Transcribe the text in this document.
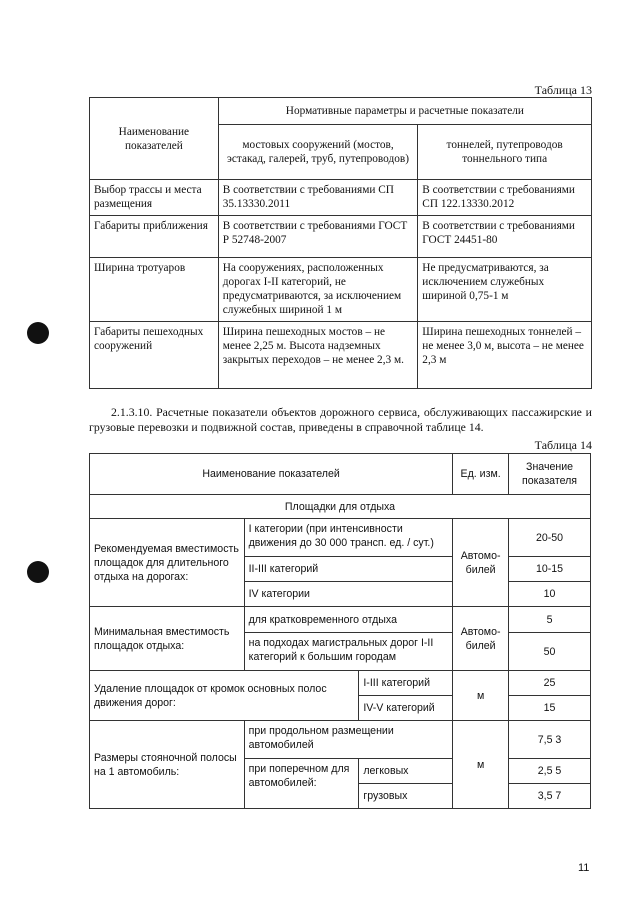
Таблица 13
Наименование показателей	Нормативные параметры и расчетные показатели	
	мостовых сооружений (мостов, эстакад, галерей, труб, путепроводов)	тоннелей, путепроводов тоннельного типа
Выбор трассы и места размещения	В соответствии с требованиями СП 35.13330.2011	В соответствии с требованиями СП 122.13330.2012
Габариты приближения	В соответствии с требованиями ГОСТ Р 52748-2007	В соответствии с требованиями ГОСТ 24451-80
Ширина тротуаров	На сооружениях, расположенных дорогах I-II категорий, не предусматриваются, за исключением служебных шириной 1 м	Не предусматриваются, за исключением служебных шириной 0,75-1 м
Габариты пешеходных сооружений	Ширина пешеходных мостов – не менее 2,25 м. Высота надземных закрытых переходов – не менее 2,3 м.	Ширина пешеходных тоннелей – не менее 3,0 м, высота – не менее 2,3 м
2.1.3.10. Расчетные показатели объектов дорожного сервиса, обслуживающих пассажирские и грузовые перевозки и подвижной состав, приведены в справочной таблице 14.
Таблица 14
Наименование показателей			Ед. изм.	Значение показателя
Площадки для отдыха				
Рекомендуемая вместимость площадок для длительного отдыха на дорогах:	I категории (при интенсивности движения до 30 000 трансп. ед. / сут.)		Автомо-билей	20-50
	II-III категорий			10-15
	IV категории			10
Минимальная вместимость площадок отдыха:	для кратковременного отдыха		Автомо-билей	5
	на подходах магистральных дорог I-II категорий к большим городам			50
Удаление площадок от кромок основных полос движения дорог:		I-III категорий	м	25
		IV-V категорий		15
Размеры стояночной полосы на 1 автомобиль:	при продольном размещении автомобилей		м	7,5 3
	при поперечном для автомобилей:	легковых		2,5 5
		грузовых		3,5 7
11
